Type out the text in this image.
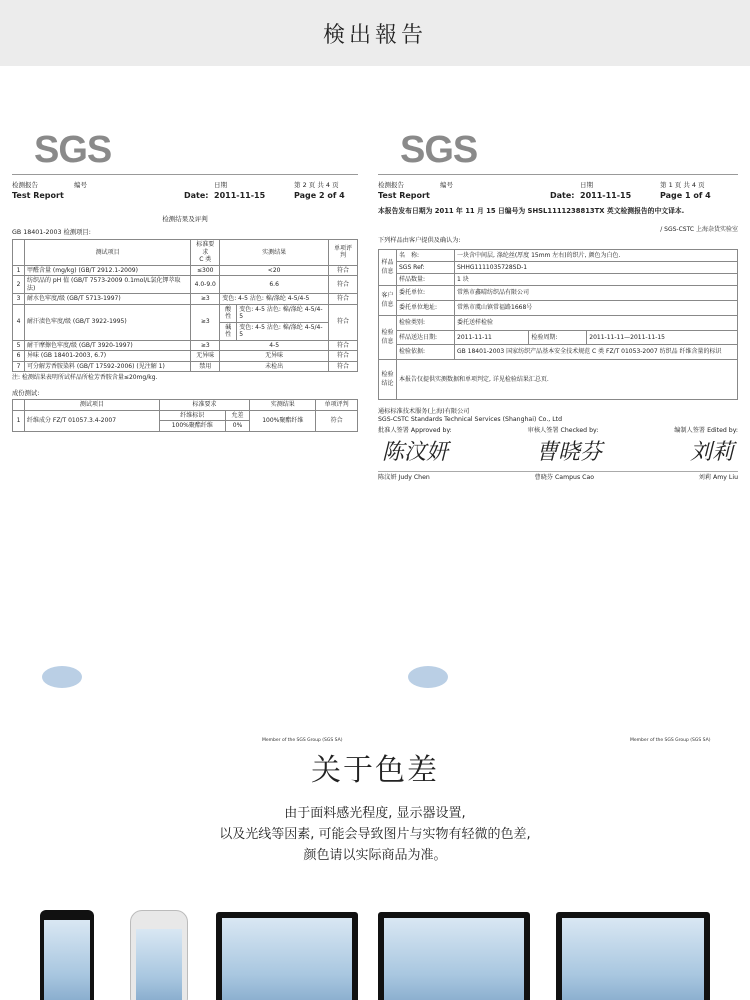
検出報告
SGS
检测报告	编号	日期	第 2 页 共 4 页
Test Report	Date: 2011-11-15	Page 2 of 4
检测结果及评判
GB 18401-2003 检测项目:
	测试项目	标准要求
C 类	实测结果		单项评判
1	甲醛含量 (mg/kg) (GB/T 2912.1-2009)	≤300	<20		符合
2	纺织品的 pH 值 (GB/T 7573-2009 0.1mol/L氯化钾萃取法)	4.0-9.0	6.6		符合
3	耐水色牢度/级 (GB/T 5713-1997)	≥3	变色: 4-5 沾色: 棉/涤纶 4-5/4-5		符合
4	耐汗渍色牢度/级 (GB/T 3922-1995)	≥3	酸性	变色: 4-5 沾色: 棉/涤纶 4-5/4-5	符合
			碱性	变色: 4-5 沾色: 棉/涤纶 4-5/4-5	
5	耐干摩擦色牢度/级 (GB/T 3920-1997)	≥3	4-5		符合
6	异味 (GB 18401-2003, 6.7)	无异味	无异味		符合
7	可分解芳香胺染料 (GB/T 17592-2006) (见注解 1)	禁用	未检出		符合
注: 检测结果表明所试样品所检芳香胺含量≤20mg/kg.
成份测试:
	测试项目	标准要求		实测结果	单项评判
1	纤维成分 FZ/T 01057.3.4-2007	纤维标识	允差	100%聚酯纤维	符合
		100%聚酯纤维	0%		
SGS
检测报告	编号	日期	第 1 页 共 4 页
Test Report	Date: 2011-11-15	Page 1 of 4
本报告发布日期为 2011 年 11 月 15 日编号为 SHSL1111238813TX 英文检测报告的中文译本.
/ SGS-CSTC 上海杂货实验室
下列样品由客户提供及确认为:
样品信息	名　称:	一块含中间层, 涤纶丝(厚度 15mm 左右)的织片, 颜色为白色.		
	SGS Ref:	SHHG1111035728SD-1		
	样品数量:	1 块		
客户信息	委托单位:	常熟市鑫晴纺织品有限公司		
	委托单位地址:	常熟市虞山镇常福路1668号		
检验信息	检验类别:	委托送样检验		
	样品送达日期:	2011-11-11	检验周期:	2011-11-11—2011-11-15
	检验依据:	GB 18401-2003 国家纺织产品基本安全技术规范 C 类 FZ/T 01053-2007 纺织品 纤维含量的标识		
检验结论	本报告仅提供实测数据和单项判定, 详见检验结果汇总页.			
通标标准技术服务(上海)有限公司
SGS-CSTC Standards Technical Services (Shanghai) Co., Ltd
批准人签署 Approved by:	审核人签署 Checked by:	编制人签署 Edited by:
陈汶妍	曹晓芬	刘莉
陈汶妍 Judy Chen	曹晓芬 Campus Cao	刘莉 Amy Liu
Member of the SGS Group (SGS SA)	Member of the SGS Group (SGS SA)
关于色差

由于面料感光程度, 显示器设置,

以及光线等因素, 可能会导致图片与实物有轻微的色差,

颜色请以实际商品为准。
